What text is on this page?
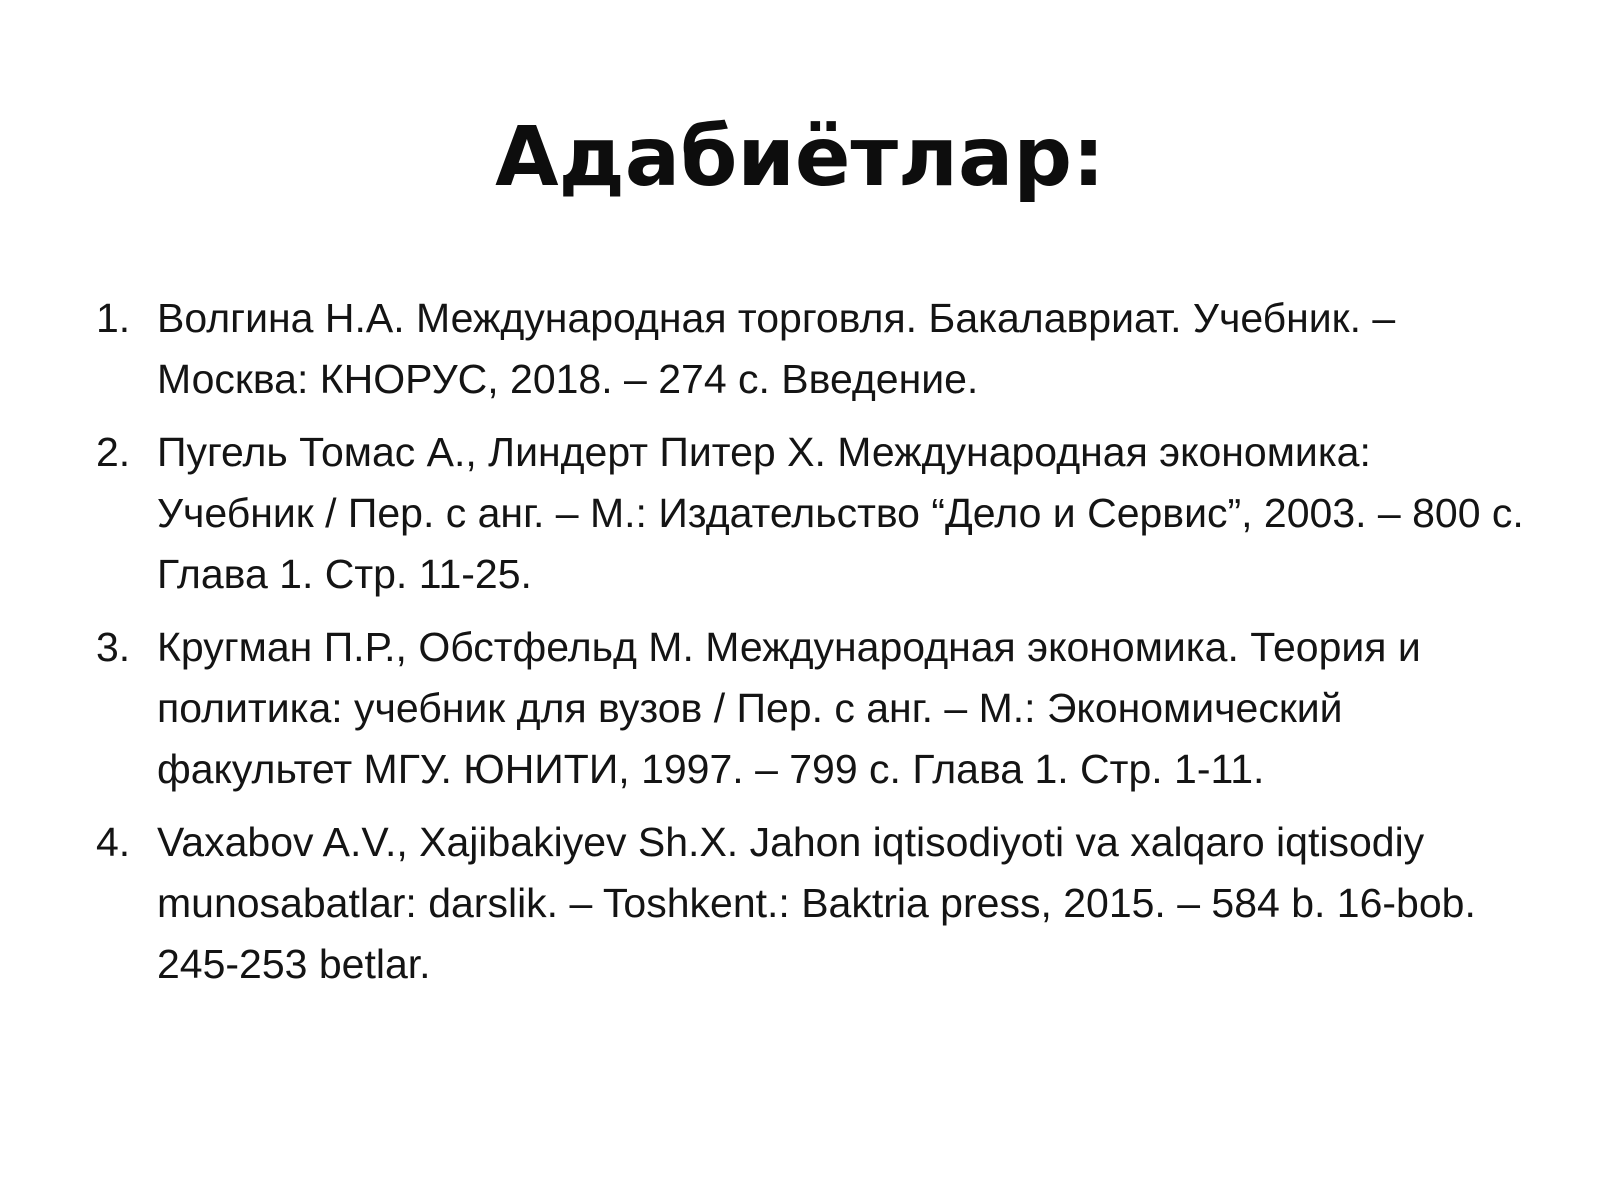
Адабиётлар:
1. Волгина Н.А. Международная торговля. Бакалавриат. Учебник. – Москва: КНОРУС, 2018. – 274 с. Введение.
2. Пугель Томас А., Линдерт Питер Х. Международная экономика: Учебник / Пер. с анг. – М.: Издательство “Дело и Сервис”, 2003. – 800 с. Глава 1. Стр. 11-25.
3. Кругман П.Р., Обстфельд М. Международная экономика. Теория и политика: учебник для вузов / Пер. с анг. – М.: Экономический факультет МГУ. ЮНИТИ, 1997. – 799 с. Глава 1. Стр. 1-11.
4. Vaxabov A.V., Xajibakiyev Sh.X. Jahon iqtisodiyoti va xalqaro iqtisodiy munosabatlar: darslik. – Toshkent.: Baktria press, 2015. – 584 b. 16-bob. 245-253 betlar.
